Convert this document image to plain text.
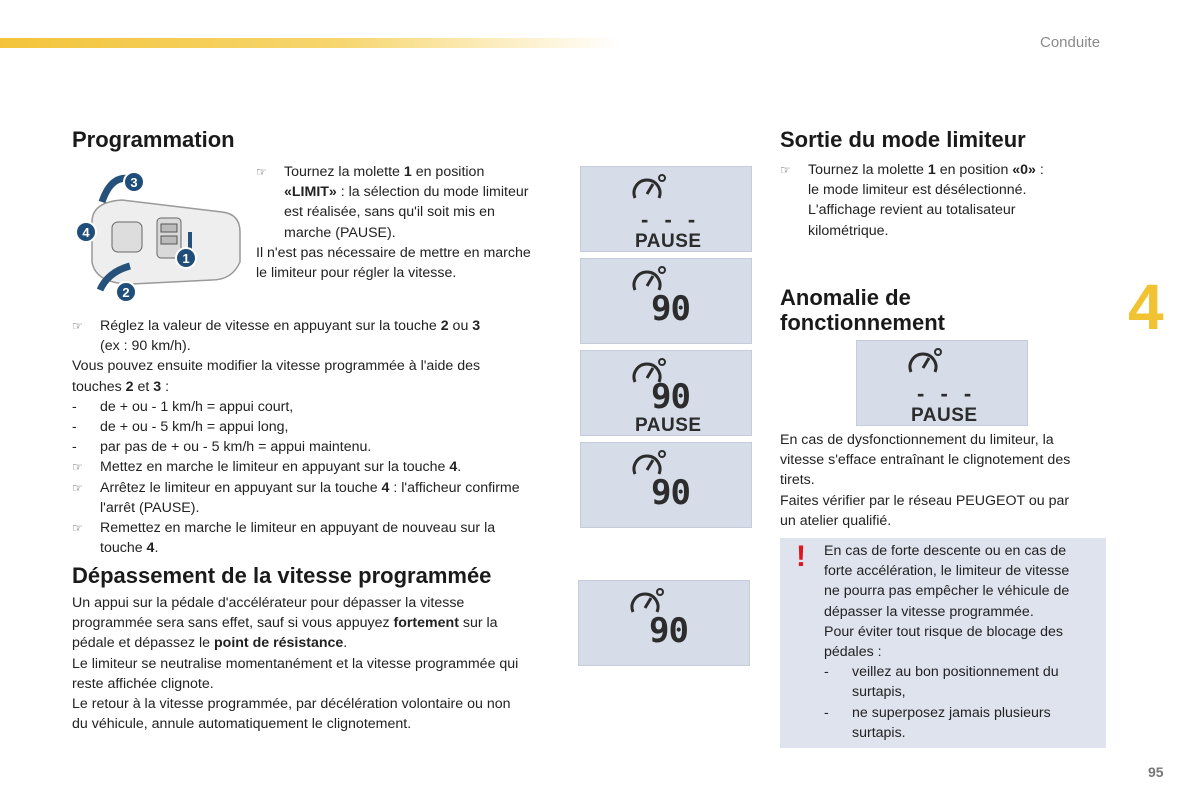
Conduite
4
95
Programmation
3
4
1
2

☞ Tournez la molette 1 en position

«LIMIT» : la sélection du mode limiteur

est réalisée, sans qu'il soit mis en

marche (PAUSE).

Il n'est pas nécessaire de mettre en marche

le limiteur pour régler la vitesse.

☞ Réglez la valeur de vitesse en appuyant sur la touche 2 ou 3

(ex : 90 km/h).

Vous pouvez ensuite modifier la vitesse programmée à l'aide des

touches 2 et 3 :

- de + ou - 1 km/h = appui court,

- de + ou - 5 km/h = appui long,

- par pas de + ou - 5 km/h = appui maintenu.

☞ Mettez en marche le limiteur en appuyant sur la touche 4.

☞ Arrêtez le limiteur en appuyant sur la touche 4 : l'afficheur confirme

l'arrêt (PAUSE).

☞ Remettez en marche le limiteur en appuyant de nouveau sur la

touche 4.

- - -
PAUSE
90
90
PAUSE
90
90
Dépassement de la vitesse programmée

Un appui sur la pédale d'accélérateur pour dépasser la vitesse

programmée sera sans effet, sauf si vous appuyez fortement sur la

pédale et dépassez le point de résistance.

Le limiteur se neutralise momentanément et la vitesse programmée qui

reste affichée clignote.

Le retour à la vitesse programmée, par décélération volontaire ou non

du véhicule, annule automatiquement le clignotement.

Sortie du mode limiteur

☞ Tournez la molette 1 en position «0» :

le mode limiteur est désélectionné.

L'affichage revient au totalisateur

kilométrique.

Anomalie de
fonctionnement
- - -
PAUSE

En cas de dysfonctionnement du limiteur, la

vitesse s'efface entraînant le clignotement des

tirets.

Faites vérifier par le réseau PEUGEOT ou par

un atelier qualifié.

! En cas de forte descente ou en cas de

forte accélération, le limiteur de vitesse

ne pourra pas empêcher le véhicule de

dépasser la vitesse programmée.

Pour éviter tout risque de blocage des

pédales :

- veillez au bon positionnement du

surtapis,

- ne superposez jamais plusieurs

surtapis.
